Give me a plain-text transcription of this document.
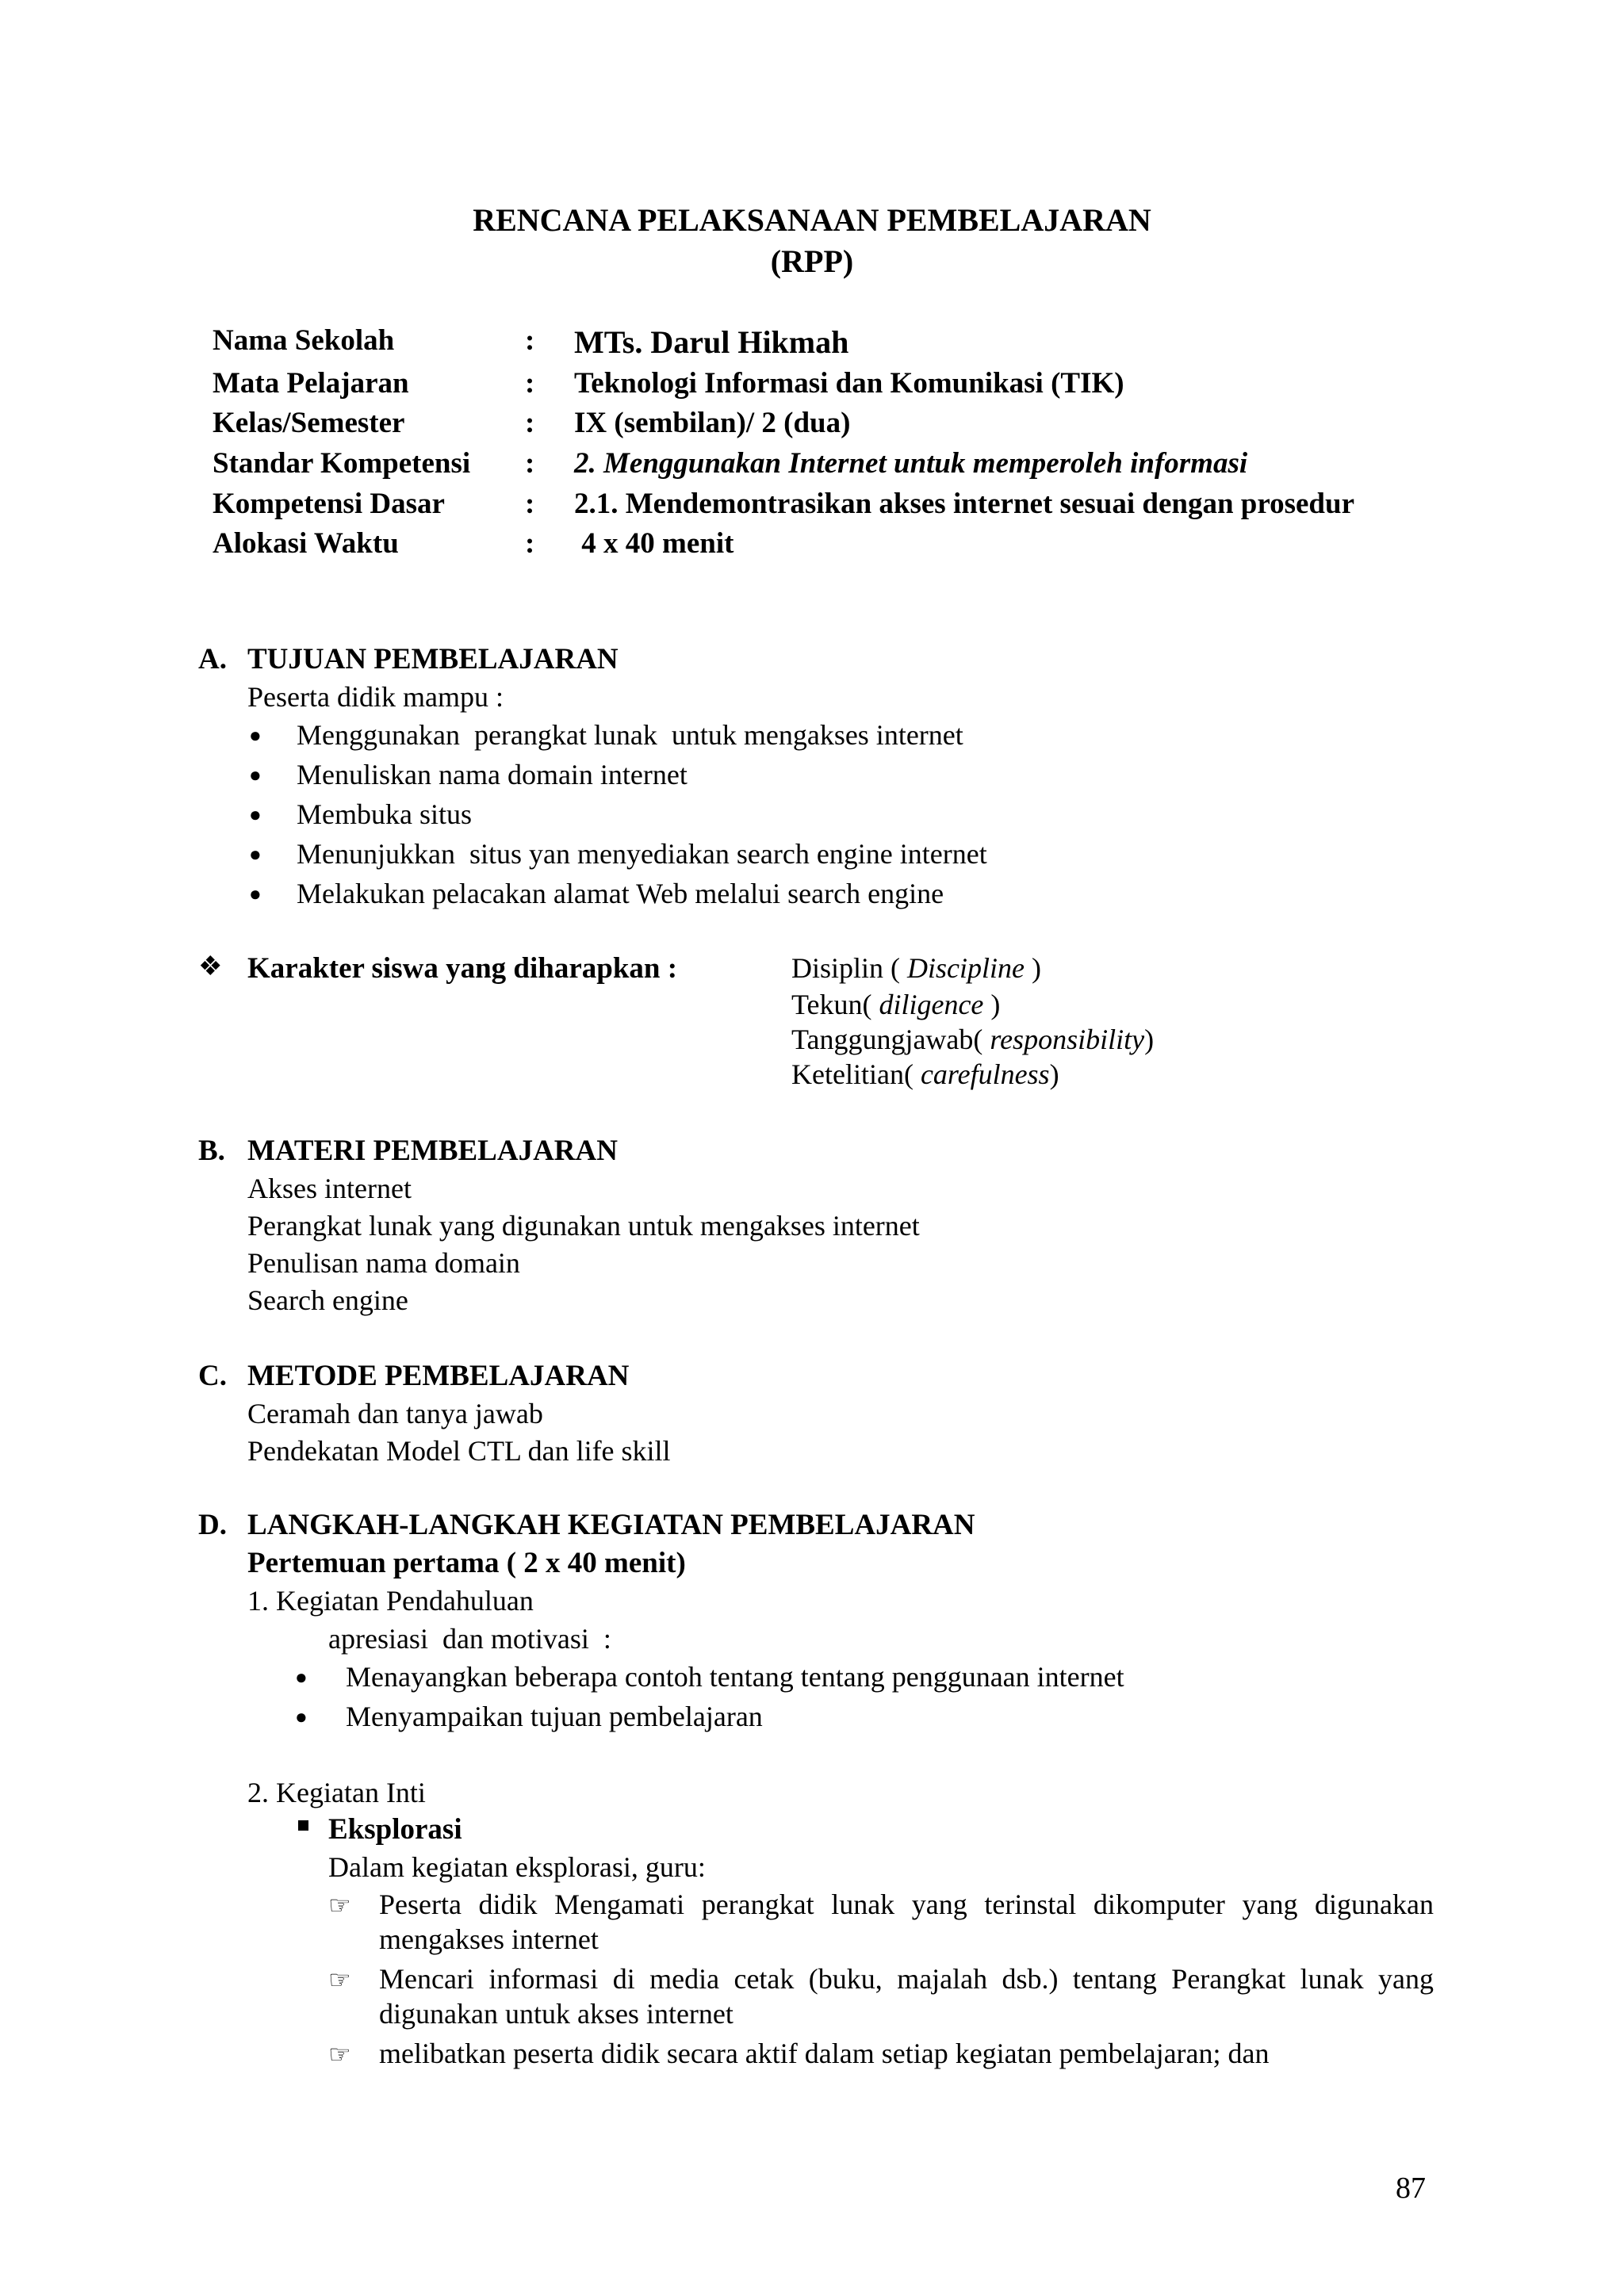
RENCANA PELAKSANAAN PEMBELAJARAN
(RPP)
Nama Sekolah	: MTs. Darul Hikmah
Mata Pelajaran	: Teknologi Informasi dan Komunikasi (TIK)
Kelas/Semester	: IX (sembilan)/ 2 (dua)
Standar Kompetensi : 2. Menggunakan Internet untuk memperoleh informasi
Kompetensi Dasar	: 2.1. Mendemontrasikan akses internet sesuai dengan prosedur
Alokasi Waktu	: 4 x 40 menit
A. TUJUAN PEMBELAJARAN
Peserta didik mampu :
● Menggunakan  perangkat lunak  untuk mengakses internet
● Menuliskan nama domain internet
● Membuka situs
● Menunjukkan  situs yan menyediakan search engine internet
● Melakukan pelacakan alamat Web melalui search engine
❖ Karakter siswa yang diharapkan :	Disiplin ( Discipline )
Tekun( diligence )
Tanggungjawab( responsibility)
Ketelitian( carefulness)
B. MATERI PEMBELAJARAN
Akses internet
Perangkat lunak yang digunakan untuk mengakses internet
Penulisan nama domain
Search engine
C. METODE PEMBELAJARAN
Ceramah dan tanya jawab
Pendekatan Model CTL dan life skill
D. LANGKAH-LANGKAH KEGIATAN PEMBELAJARAN
Pertemuan pertama ( 2 x 40 menit)
1. Kegiatan Pendahuluan
apresiasi  dan motivasi  :
● Menayangkan beberapa contoh tentang tentang penggunaan internet
● Menyampaikan tujuan pembelajaran
2. Kegiatan Inti
Eksplorasi
Dalam kegiatan eksplorasi, guru:
☞ Peserta didik Mengamati perangkat lunak yang terinstal dikomputer yang digunakan mengakses internet
☞ Mencari informasi di media cetak (buku, majalah dsb.) tentang Perangkat lunak yang digunakan untuk akses internet
☞ melibatkan peserta didik secara aktif dalam setiap kegiatan pembelajaran; dan
87
